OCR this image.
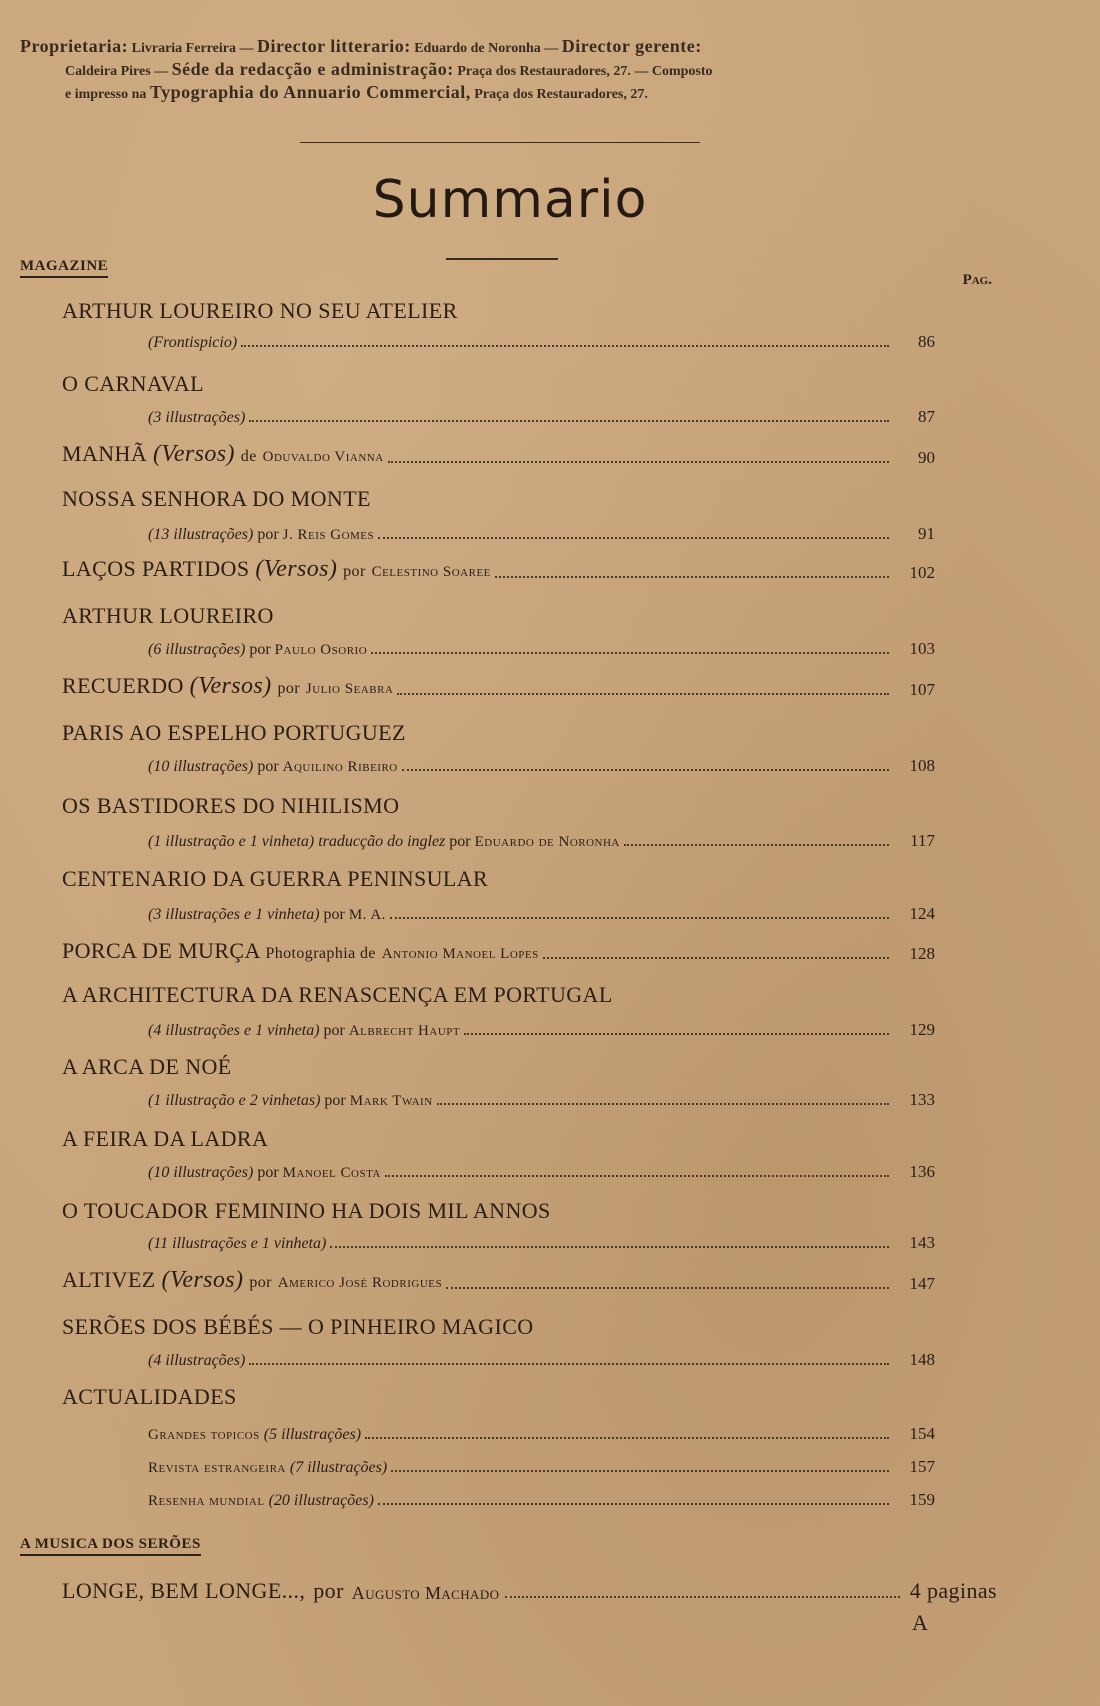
Proprietaria: Livraria Ferreira — Director litterario: Eduardo de Noronha — Director gerente:
Caldeira Pires — Séde da redacção e administração: Praça dos Restauradores, 27. — Composto
e impresso na Typographia do Annuario Commercial, Praça dos Restauradores, 27.
Summario
MAGAZINE
Pag.
ARTHUR LOUREIRO NO SEU ATELIER
(Frontispicio)	86
O CARNAVAL
(3 illustrações)	87
MANHÃ (Versos) de Oduvaldo Vianna	90
NOSSA SENHORA DO MONTE
(13 illustrações) por J. Reis Gomes	91
LAÇOS PARTIDOS (Versos) por Celestino Soaree	102
ARTHUR LOUREIRO
(6 illustrações) por Paulo Osorio	103
RECUERDO (Versos) por Julio Seabra	107
PARIS AO ESPELHO PORTUGUEZ
(10 illustrações) por Aquilino Ribeiro	108
OS BASTIDORES DO NIHILISMO
(1 illustração e 1 vinheta) traducção do inglez por Eduardo de Noronha	117
CENTENARIO DA GUERRA PENINSULAR
(3 illustrações e 1 vinheta) por M. A.	124
PORCA DE MURÇA Photographia de Antonio Manoel Lopes	128
A ARCHITECTURA DA RENASCENÇA EM PORTUGAL
(4 illustrações e 1 vinheta) por Albrecht Haupt	129
A ARCA DE NOÉ
(1 illustração e 2 vinhetas) por Mark Twain	133
A FEIRA DA LADRA
(10 illustrações) por Manoel Costa	136
O TOUCADOR FEMININO HA DOIS MIL ANNOS
(11 illustrações e 1 vinheta)	143
ALTIVEZ (Versos) por Americo José Rodrigues	147
SERÕES DOS BÉBÉS — O PINHEIRO MAGICO
(4 illustrações)	148
ACTUALIDADES
Grandes topicos (5 illustrações)	154
Revista estrangeira (7 illustrações)	157
Resenha mundial (20 illustrações)	159
A MUSICA DOS SERÕES
LONGE, BEM LONGE..., por Augusto Machado	4 paginas
A
